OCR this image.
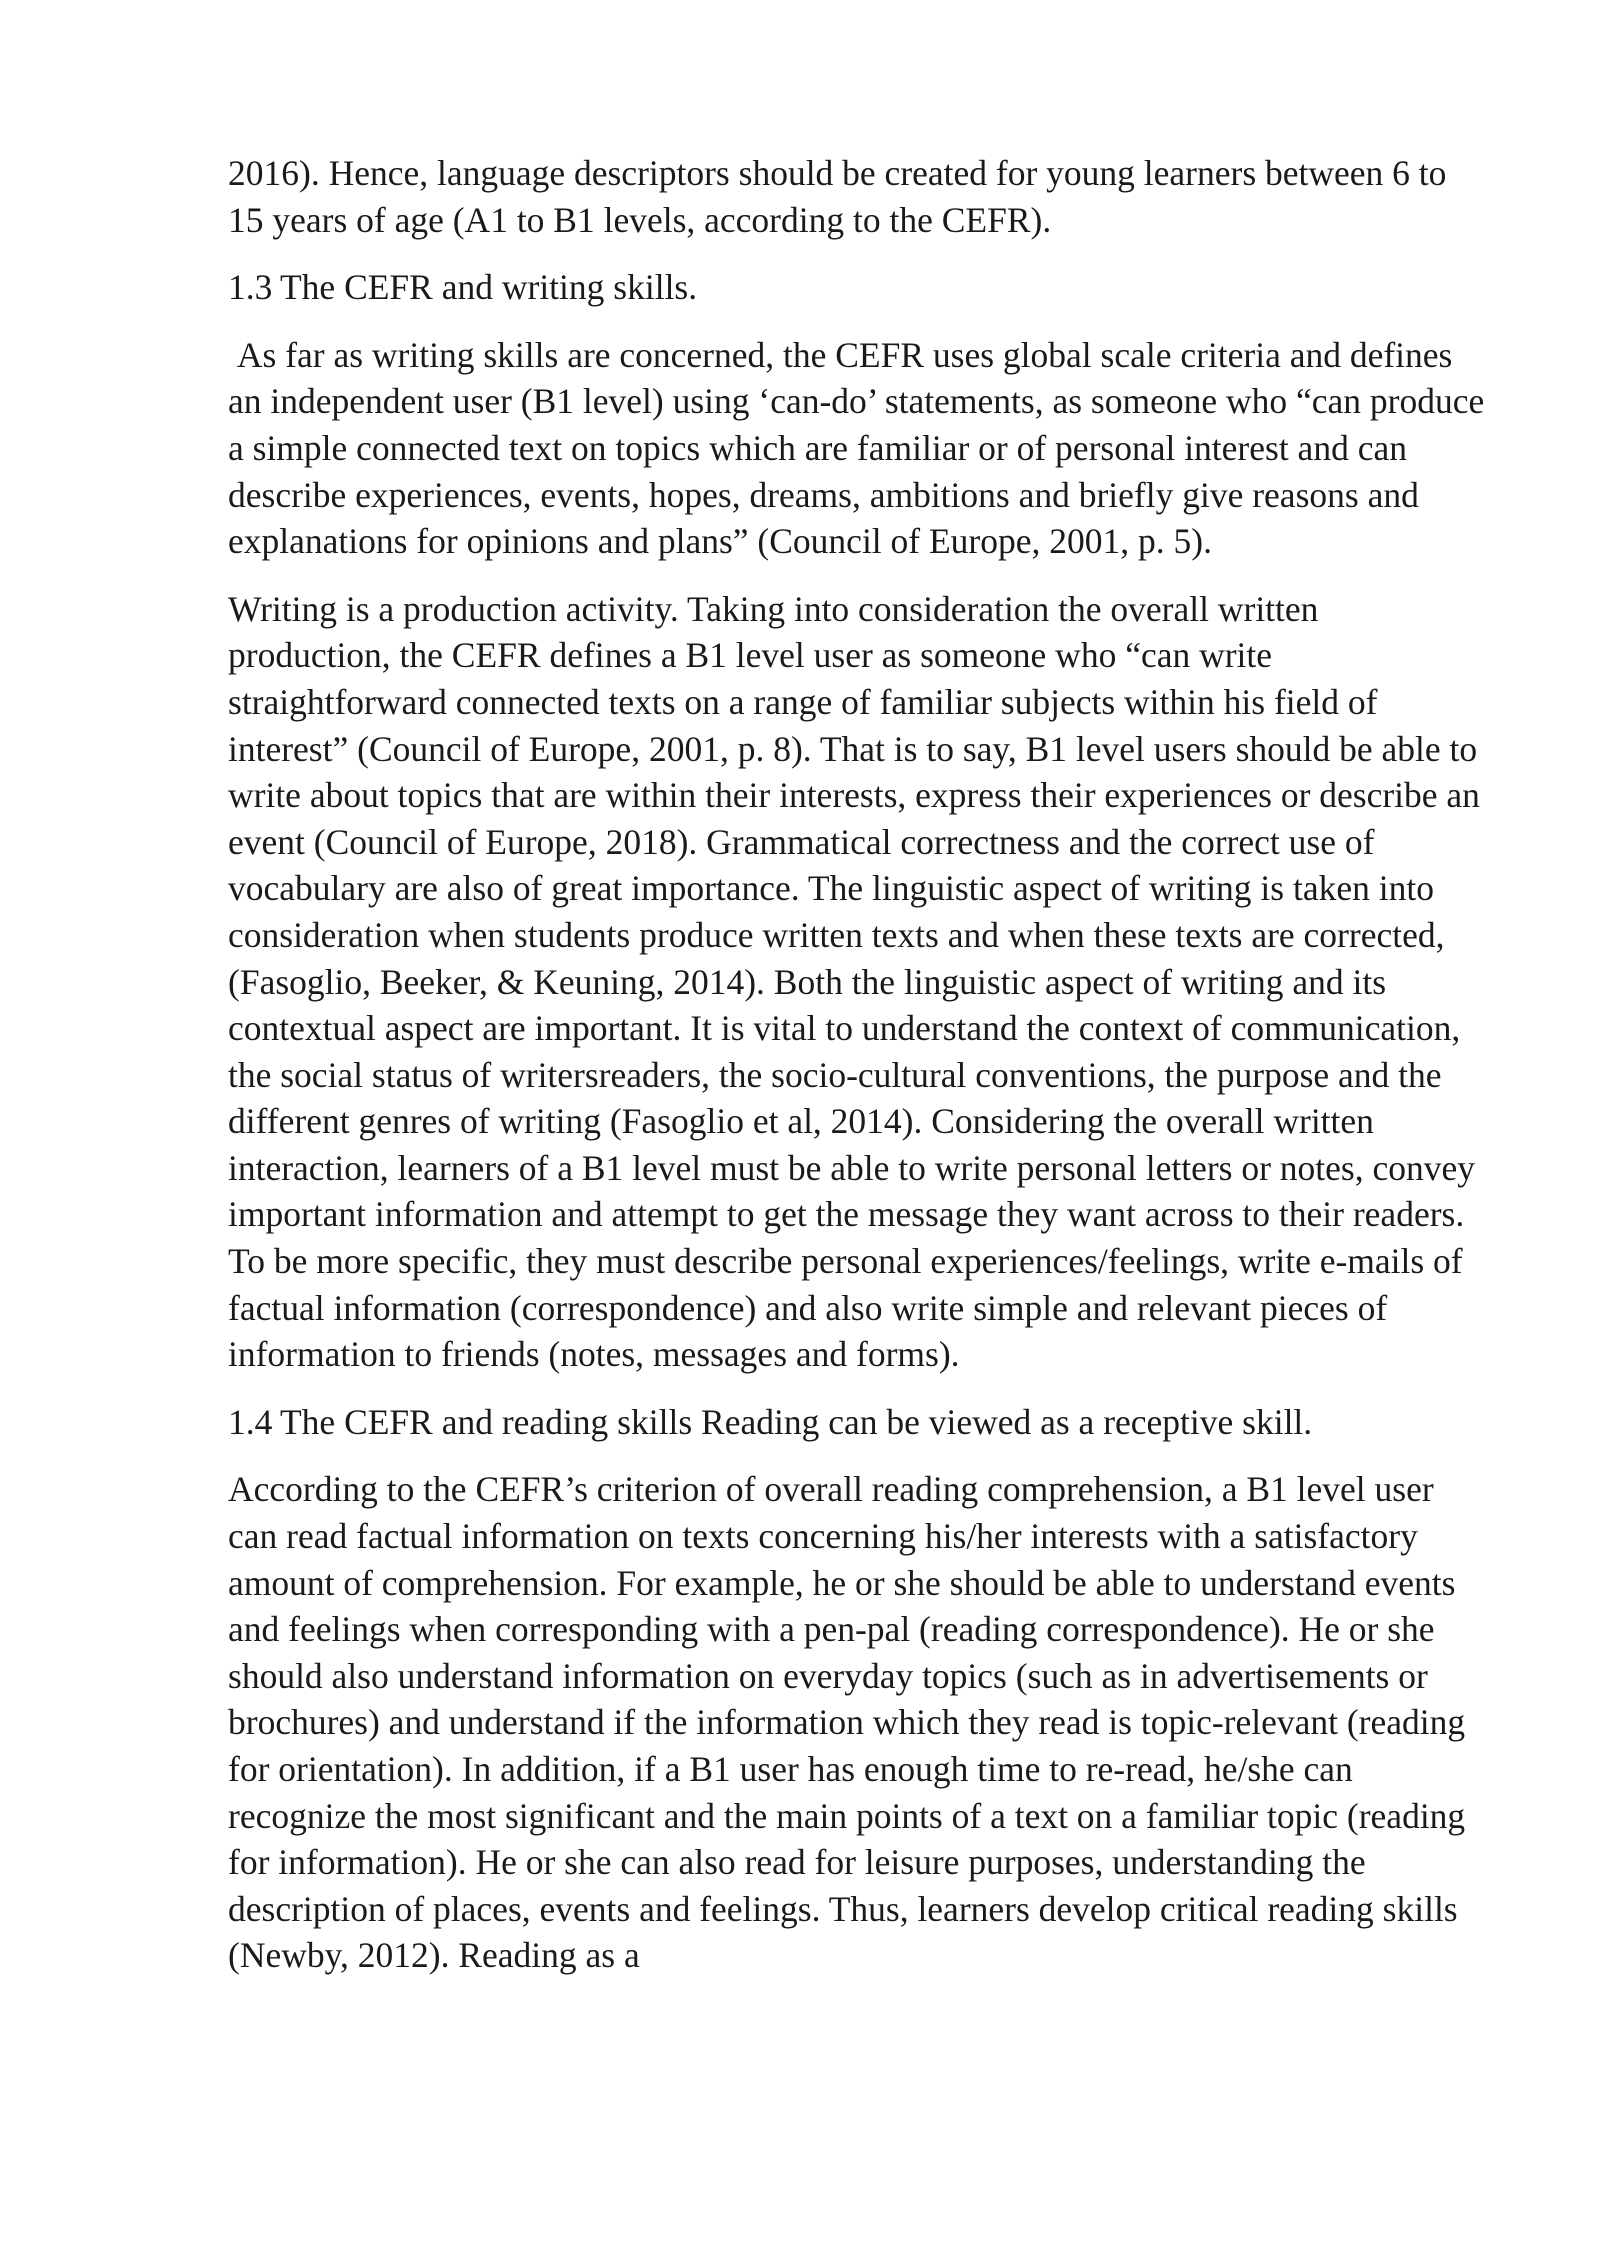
2016). Hence, language descriptors should be created for young learners between 6 to 15 years of age (A1 to B1 levels, according to the CEFR).

1.3 The CEFR and writing skills.

As far as writing skills are concerned, the CEFR uses global scale criteria and defines an independent user (B1 level) using ‘can-do’ statements, as someone who “can produce a simple connected text on topics which are familiar or of personal interest and can describe experiences, events, hopes, dreams, ambitions and briefly give reasons and explanations for opinions and plans” (Council of Europe, 2001, p. 5).

Writing is a production activity. Taking into consideration the overall written production, the CEFR defines a B1 level user as someone who “can write straightforward connected texts on a range of familiar subjects within his field of interest” (Council of Europe, 2001, p. 8). That is to say, B1 level users should be able to write about topics that are within their interests, express their experiences or describe an event (Council of Europe, 2018). Grammatical correctness and the correct use of vocabulary are also of great importance. The linguistic aspect of writing is taken into consideration when students produce written texts and when these texts are corrected, (Fasoglio, Beeker, & Keuning, 2014). Both the linguistic aspect of writing and its contextual aspect are important. It is vital to understand the context of communication, the social status of writersreaders, the socio-cultural conventions, the purpose and the different genres of writing (Fasoglio et al, 2014). Considering the overall written interaction, learners of a B1 level must be able to write personal letters or notes, convey important information and attempt to get the message they want across to their readers. To be more specific, they must describe personal experiences/feelings, write e-mails of factual information (correspondence) and also write simple and relevant pieces of information to friends (notes, messages and forms).

1.4 The CEFR and reading skills Reading can be viewed as a receptive skill.

According to the CEFR’s criterion of overall reading comprehension, a B1 level user can read factual information on texts concerning his/her interests with a satisfactory amount of comprehension. For example, he or she should be able to understand events and feelings when corresponding with a pen-pal (reading correspondence). He or she should also understand information on everyday topics (such as in advertisements or brochures) and understand if the information which they read is topic-relevant (reading for orientation). In addition, if a B1 user has enough time to re-read, he/she can recognize the most significant and the main points of a text on a familiar topic (reading for information). He or she can also read for leisure purposes, understanding the description of places, events and feelings. Thus, learners develop critical reading skills (Newby, 2012). Reading as a
